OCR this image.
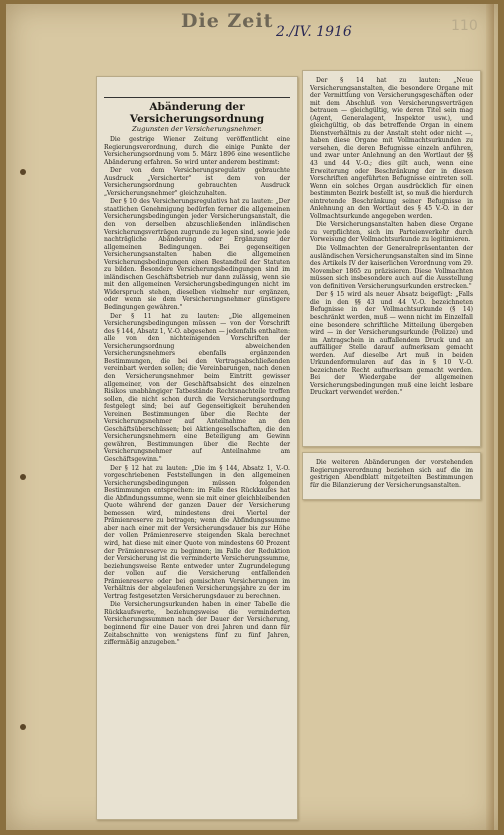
Die Zeit 2./IV. 1916	110
Abänderung der Versicherungsordnung
Zugunsten der Versicherungsnehmer.

Die gestrige Wiener Zeitung veröffentlicht eine Regierungsverordnung, durch die einige Punkte der Versicherungsordnung vom 5. März 1896 eine wesentliche Abänderung erfahren. So wird unter anderem bestimmt:

Der von dem Versicherungsregulativ gebrauchte Ausdruck „Versicherter" ist dem von der Versicherungsordnung gebrauchten Ausdruck „Versicherungsnehmer" gleichzuhalten.

Der § 10 des Versicherungsregulativs hat zu lauten: „Der staatlichen Genehmigung bedürfen ferner die allgemeinen Versicherungsbedingungen jeder Versicherungsanstalt, die den von derselben abzuschließenden inländischen Versicherungsverträgen zugrunde zu legen sind, sowie jede nachträgliche Abänderung oder Ergänzung der allgemeinen Bedingungen. Bei gegenseitigen Versicherungsanstalten haben die allgemeinen Versicherungsbedingungen einen Bestandteil der Statuten zu bilden. Besondere Versicherungsbedingungen sind im inländischen Geschäftsbetrieb nur dann zulässig, wenn sie mit den allgemeinen Versicherungsbedingungen nicht im Widerspruch stehen, dieselben vielmehr nur ergänzen, oder wenn sie dem Versicherungsnehmer günstigere Bedingungen gewähren."

Der § 11 hat zu lauten: „Die allgemeinen Versicherungsbedingungen müssen — von der Vorschrift des § 144, Absatz 1, V.-O. abgesehen — jedenfalls enthalten: alle von den nichteinigenden Vorschriften der Versicherungsordnung abweichenden Versicherungsnehmers ebenfalls ergänzenden Bestimmungen, die bei den Vertragsabschließenden vereinbart werden sollen; die Vereinbarungen, nach denen den Versicherungsnehmer beim Eintritt gewisser allgemeiner, von der Geschäftsabsicht des einzelnen Risikos unabhängiger Tatbestände Rechtsnachteile treffen sollen, die nicht schon durch die Versicherungsordnung festgelegt sind; bei auf Gegenseitigkeit beruhenden Vereinen Bestimmungen über die Rechte der Versicherungsnehmer auf Anteilnahme an den Geschäftsüberschüssen; bei Aktiengesellschaften, die den Versicherungsnehmern eine Beteiligung am Gewinn gewähren, Bestimmungen über die Rechte der Versicherungsnehmer auf Anteilnahme am Geschäftsgewinn."

Der § 12 hat zu lauten: „Die im § 144, Absatz 1, V.-O. vorgeschriebenen Feststellungen in den allgemeinen Versicherungsbedingungen müssen folgenden Bestimmungen entsprechen: im Falle des Rückkaufes hat die Abfindungssumme, wenn sie mit einer gleichbleibenden Quote während der ganzen Dauer der Versicherung bemessen wird, mindestens drei Viertel der Prämienreserve zu betragen; wenn die Abfindungssumme aber nach einer mit der Versicherungsdauer bis zur Höhe der vollen Prämienreserve steigenden Skala berechnet wird, hat diese mit einer Quote von mindestens 60 Prozent der Prämienreserve zu beginnen; im Falle der Reduktion der Versicherung ist die verminderte Versicherungssumme, beziehungsweise Rente entweder unter Zugrundelegung der vollen auf die Versicherung entfallenden Prämienreserve oder bei gemischten Versicherungen im Verhältnis der abgelaufenen Versicherungsjahre zu der im Vertrag festgesetzten Versicherungsdauer zu berechnen.

Die Versicherungsurkunden haben in einer Tabelle die Rückkaufswerte, beziehungsweise die verminderten Versicherungssummen nach der Dauer der Versicherung, beginnend für eine Dauer von drei Jahren und dann für Zeitabschnitte von wenigstens fünf zu fünf Jahren, ziffermäßig anzugeben."

Der § 14 hat zu lauten: „Neue Versicherungsanstalten, die besondere Organe mit der Vermittlung von Versicherungsgeschäften oder mit dem Abschluß von Versicherungsverträgen betrauen — gleichgültig, wie deren Titel sein mag (Agent, Generalagent, Inspektor usw.), und gleichgültig, ob das betreffende Organ in einem Dienstverhältnis zu der Anstalt steht oder nicht —, haben diese Organe mit Vollmachtsurkunden zu versehen, die deren Befugnisse einzeln anführen, und zwar unter Anlehnung an den Wortlaut der §§ 43 und 44 V.-O.; dies gilt auch, wenn eine Erweiterung oder Beschränkung der in diesen Vorschriften angeführten Befugnisse eintreten soll. Wenn ein solches Organ ausdrücklich für einen bestimmten Bezirk bestellt ist, so muß die hierdurch eintretende Beschränkung seiner Befugnisse in Anlehnung an den Wortlaut des § 45 V.-O. in der Vollmachtsurkunde angegeben werden.

Die Versicherungsanstalten haben diese Organe zu verpflichten, sich im Parteienverkehr durch Vorweisung der Vollmachtsurkunde zu legitimieren.

Die Vollmachten der Generalrepräsentanten der ausländischen Versicherungsanstalten sind im Sinne des Artikels IV der kaiserlichen Verordnung vom 29. November 1865 zu präzisieren. Diese Vollmachten müssen sich insbesondere auch auf die Ausstellung von definitiven Versicherungsurkunden erstrecken."

Der § 15 wird als neuer Absatz beigefügt: „Falls die in den §§ 43 und 44 V.-O. bezeichneten Befugnisse in der Vollmachtsurkunde (§ 14) beschränkt werden, muß — wenn nicht im Einzelfall eine besondere schriftliche Mitteilung übergeben wird — in der Versicherungsurkunde (Polizze) und im Antragschein in auffallendem Druck und an auffälliger Stelle darauf aufmerksam gemacht werden. Auf dieselbe Art muß in beiden Urkundenformularen auf das in § 10 V.-O. bezeichnete Recht aufmerksam gemacht werden. Bei der Wiedergabe der allgemeinen Versicherungsbedingungen muß eine leicht lesbare Druckart verwendet werden."

Die weiteren Abänderungen der vorstehenden Regierungsverordnung beziehen sich auf die im gestrigen Abendblatt mitgeteilten Bestimmungen für die Bilanzierung der Versicherungsanstalten.
